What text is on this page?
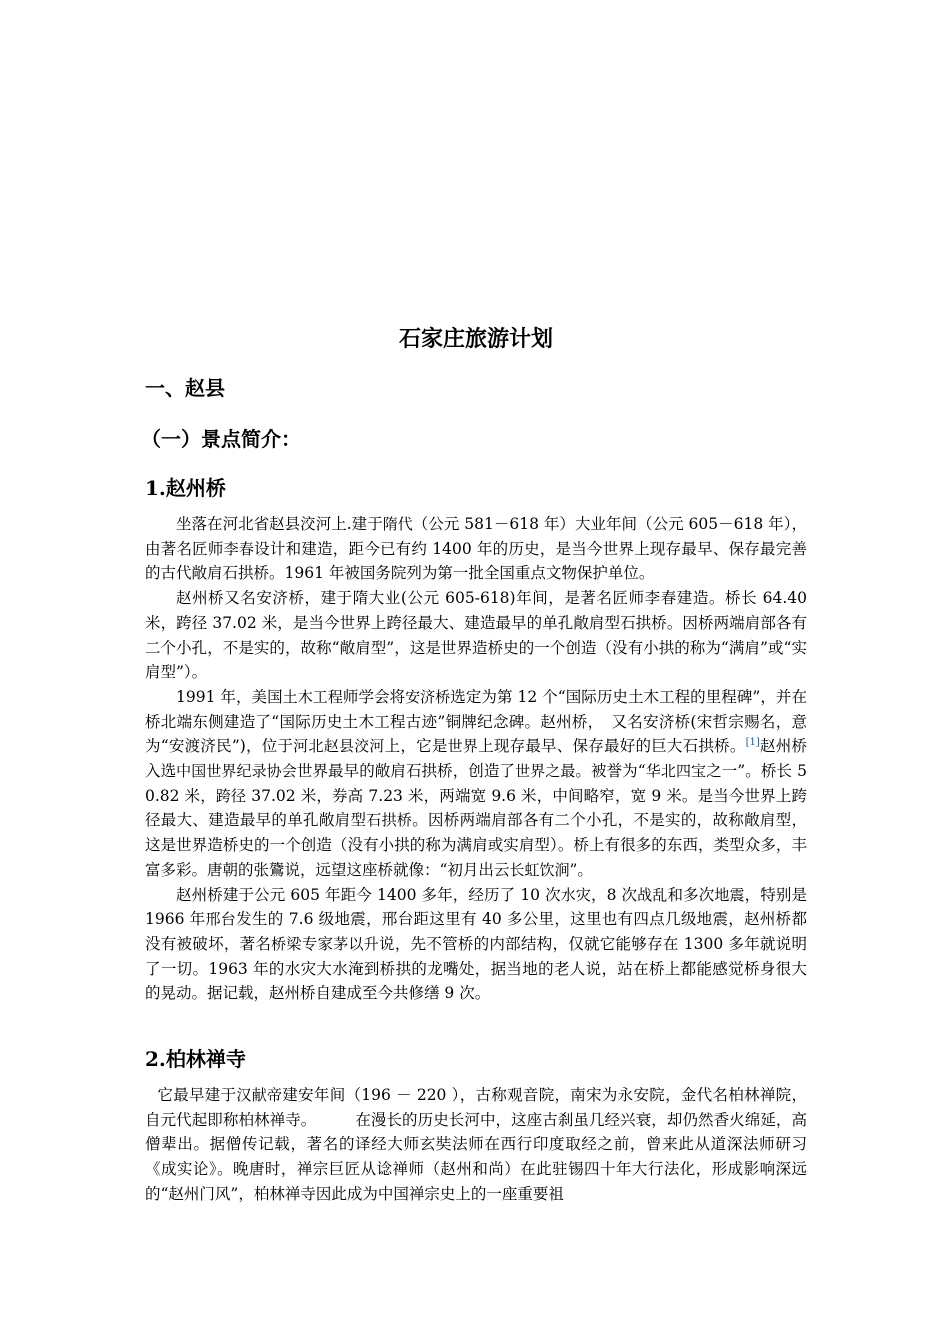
石家庄旅游计划
一、赵县
（一）景点简介：
1.赵州桥

坐落在河北省赵县洨河上.建于隋代（公元 581－618 年）大业年间（公元 605－618 年），由著名匠师李春设计和建造，距今已有约 1400 年的历史，是当今世界上现存最早、保存最完善的古代敞肩石拱桥。1961 年被国务院列为第一批全国重点文物保护单位。

赵州桥又名安济桥，建于隋大业(公元 605-618)年间，是著名匠师李春建造。桥长 64.40 米，跨径 37.02 米，是当今世界上跨径最大、建造最早的单孔敞肩型石拱桥。因桥两端肩部各有二个小孔，不是实的，故称“敞肩型”，这是世界造桥史的一个创造（没有小拱的称为“满肩”或“实肩型”）。

1991 年，美国土木工程师学会将安济桥选定为第 12 个“国际历史土木工程的里程碑”，并在桥北端东侧建造了“国际历史土木工程古迹”铜牌纪念碑。赵州桥，　又名安济桥(宋哲宗赐名，意为“安渡济民”)，位于河北赵县洨河上，它是世界上现存最早、保存最好的巨大石拱桥。[1]赵州桥入选中国世界纪录协会世界最早的敞肩石拱桥，创造了世界之最。被誉为“华北四宝之一”。桥长 50.82 米，跨径 37.02 米，券高 7.23 米，两端宽 9.6 米，中间略窄，宽 9 米。是当今世界上跨径最大、建造最早的单孔敞肩型石拱桥。因桥两端肩部各有二个小孔，不是实的，故称敞肩型，这是世界造桥史的一个创造（没有小拱的称为满肩或实肩型）。桥上有很多的东西，类型众多，丰富多彩。唐朝的张鷟说，远望这座桥就像：“初月出云长虹饮涧”。

赵州桥建于公元 605 年距今 1400 多年，经历了 10 次水灾，8 次战乱和多次地震，特别是 1966 年邢台发生的 7.6 级地震，邢台距这里有 40 多公里，这里也有四点几级地震，赵州桥都没有被破坏，著名桥梁专家茅以升说，先不管桥的内部结构，仅就它能够存在 1300 多年就说明了一切。1963 年的水灾大水淹到桥拱的龙嘴处，据当地的老人说，站在桥上都能感觉桥身很大的晃动。据记载，赵州桥自建成至今共修缮 9 次。

2.柏林禅寺

它最早建于汉献帝建安年间（196 － 220 ），古称观音院，南宋为永安院，金代名柏林禅院，自元代起即称柏林禅寺。　　　在漫长的历史长河中，这座古刹虽几经兴衰，却仍然香火绵延，高僧辈出。据僧传记载，著名的译经大师玄奘法师在西行印度取经之前，曾来此从道深法师研习《成实论》。晚唐时，禅宗巨匠从谂禅师（赵州和尚）在此驻锡四十年大行法化，形成影响深远的“赵州门风”，柏林禅寺因此成为中国禅宗史上的一座重要祖
